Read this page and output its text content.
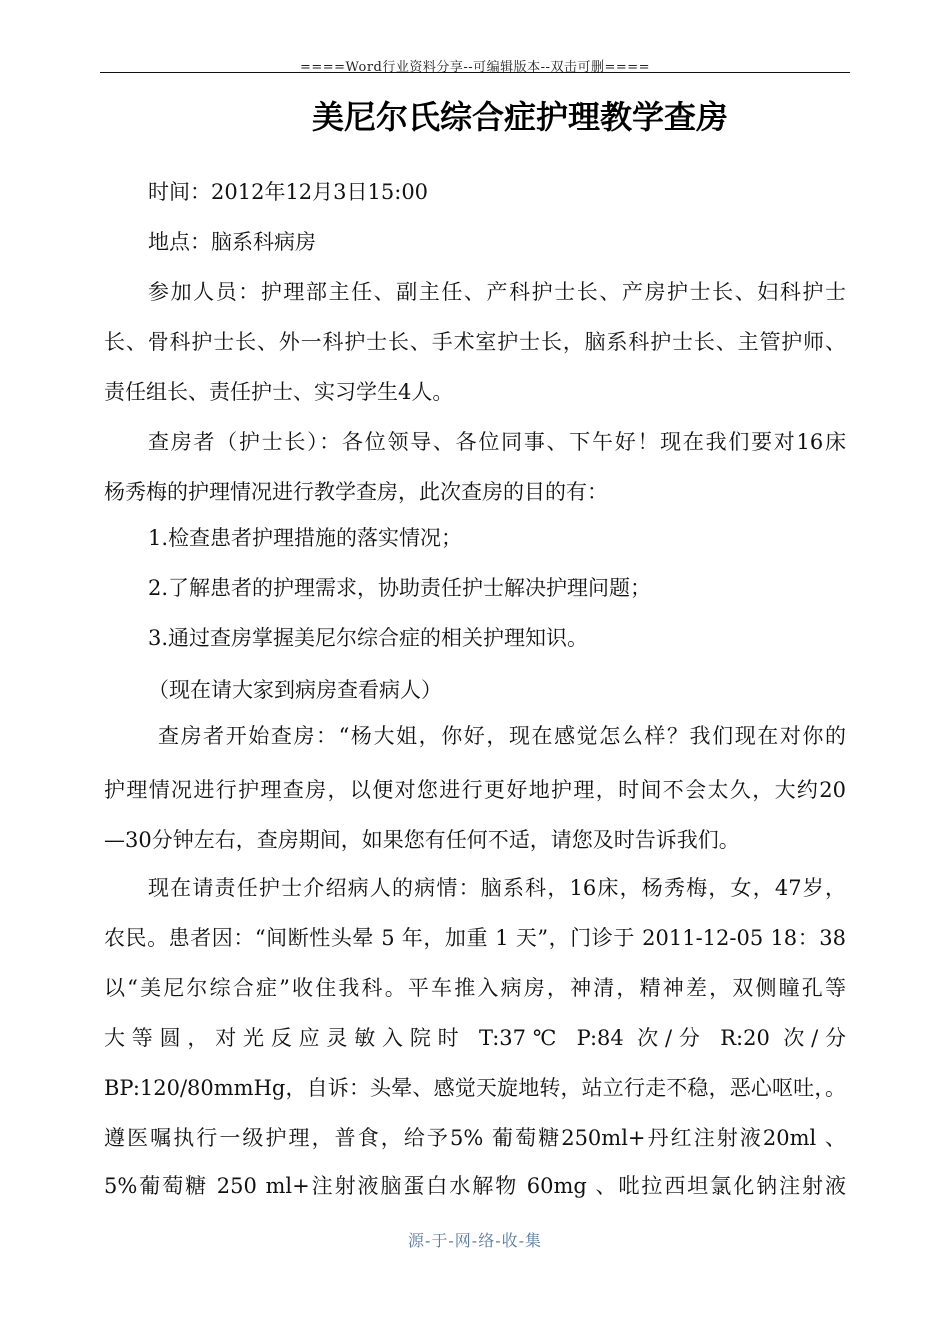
====Word行业资料分享--可编辑版本--双击可删====
美尼尔氏综合症护理教学查房
时间：2012年12月3日15:00
地点：脑系科病房
参加人员：护理部主任、副主任、产科护士长、产房护士长、妇科护士
长、骨科护士长、外一科护士长、手术室护士长，脑系科护士长、主管护师、
责任组长、责任护士、实习学生4人。
查房者（护士长）：各位领导、各位同事、下午好！现在我们要对16床
杨秀梅的护理情况进行教学查房，此次查房的目的有：
1.检查患者护理措施的落实情况；
2.了解患者的护理需求，协助责任护士解决护理问题；
3.通过查房掌握美尼尔综合症的相关护理知识。
（现在请大家到病房查看病人）
查房者开始查房：“杨大姐，你好，现在感觉怎么样？我们现在对你的
护理情况进行护理查房，以便对您进行更好地护理，时间不会太久，大约20
—30分钟左右，查房期间，如果您有任何不适，请您及时告诉我们。
现在请责任护士介绍病人的病情：脑系科，16床，杨秀梅，女，47岁，
农民。患者因：“间断性头晕 5 年，加重 1 天”，门诊于 2011-12-05 18：38
以“美尼尔综合症”收住我科。平车推入病房，神清，精神差，双侧瞳孔等
大等圆，对光反应灵敏入院时 T:37℃ P:84 次/分 R:20 次/分
BP:120/80mmHg，自诉：头晕、感觉天旋地转，站立行走不稳，恶心呕吐，。
遵医嘱执行一级护理，普食，给予5% 葡萄糖250ml+丹红注射液20ml 、
5%葡萄糖 250 ml+注射液脑蛋白水解物 60mg 、吡拉西坦氯化钠注射液
源-于-网-络-收-集
